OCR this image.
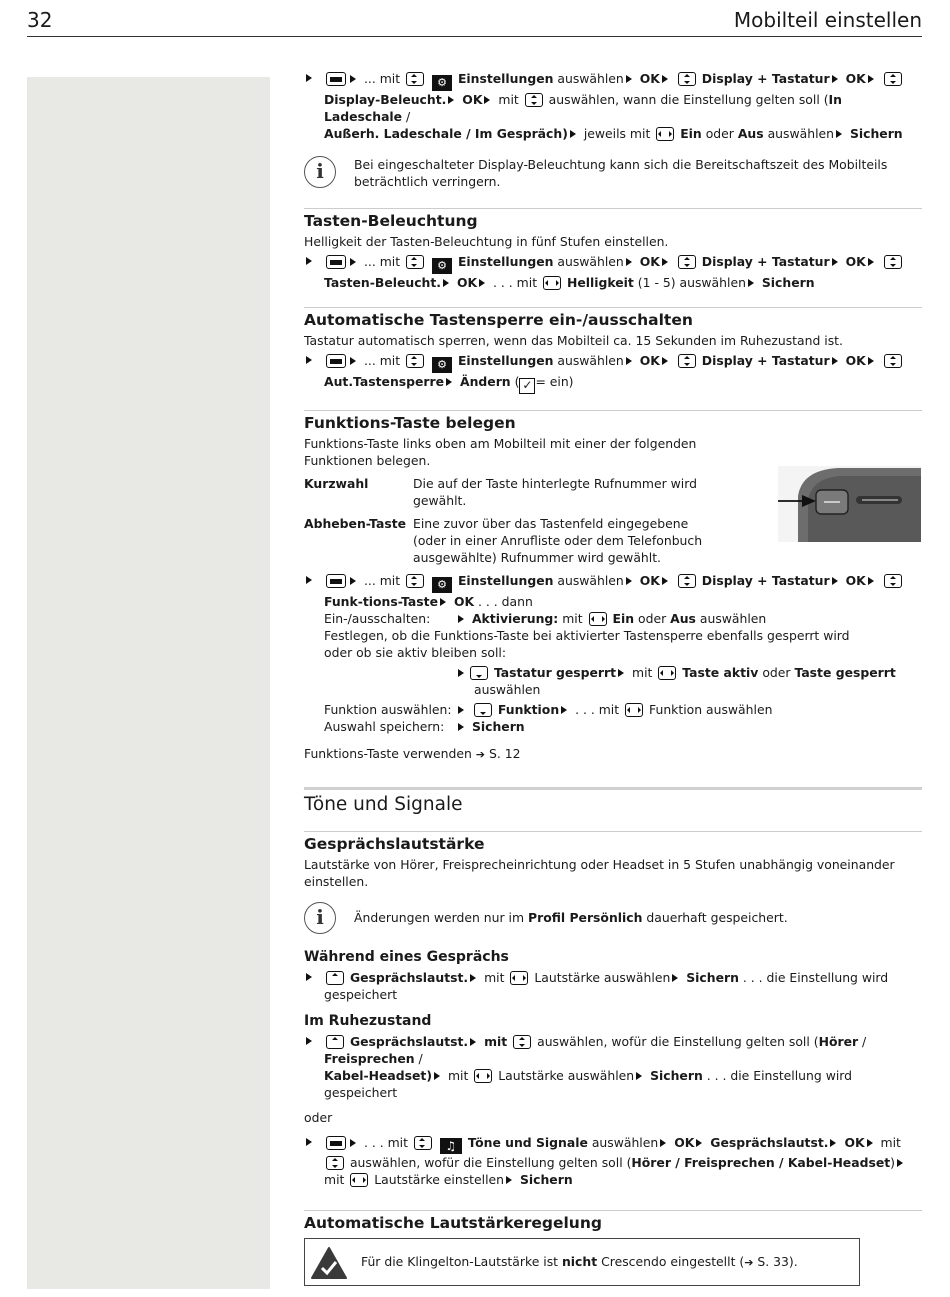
32	Mobilteil einstellen
... mit	⚙ Einstellungen auswählen OK	Display + Tastatur OK
Display-Beleucht. OK mit auswählen, wann die Einstellung gelten soll (In Ladeschale /
Außerh. Ladeschale / Im Gespräch) jeweils mit Ein oder Aus auswählen Sichern
i	Bei eingeschalteter Display-Beleuchtung kann sich die Bereitschaftszeit des Mobilteils beträchtlich verringern.
Tasten-Beleuchtung
Helligkeit der Tasten-Beleuchtung in fünf Stufen einstellen.
... mit	⚙ Einstellungen auswählen OK	Display + Tastatur OK
Tasten-Beleucht. OK . . . mit Helligkeit (1 - 5) auswählen Sichern
Automatische Tastensperre ein-/ausschalten
Tastatur automatisch sperren, wenn das Mobilteil ca. 15 Sekunden im Ruhezustand ist.
... mit	⚙ Einstellungen auswählen OK	Display + Tastatur OK
Aut.Tastensperre Ändern ( ✓ = ein)
Funktions-Taste belegen
Funktions-Taste links oben am Mobilteil mit einer der folgenden Funktionen belegen.
Kurzwahl	Die auf der Taste hinterlegte Rufnummer wird gewählt.
Abheben-Taste Eine zuvor über das Tastenfeld eingegebene (oder in einer Anrufliste oder dem Telefonbuch ausgewählte) Rufnummer wird gewählt.
... mit	⚙ Einstellungen auswählen OK	Display + Tastatur OK  Funk-tions-Taste OK . . . dann
Ein-/ausschalten:	Aktivierung: mit Ein oder Aus auswählen
Festlegen, ob die Funktions-Taste bei aktivierter Tastensperre ebenfalls gesperrt wird oder ob sie aktiv bleiben soll:
Tastatur gesperrt mit Taste aktiv oder Taste gesperrt
auswählen
Funktion auswählen:	Funktion . . . mit Funktion auswählen
Auswahl speichern: Sichern
Funktions-Taste verwenden ➔ S. 12
Töne und Signale
Gesprächslautstärke
Lautstärke von Hörer, Freisprecheinrichtung oder Headset in 5 Stufen unabhängig voneinander einstellen.
i	Änderungen werden nur im Profil Persönlich dauerhaft gespeichert.
Während eines Gesprächs
Gesprächslautst. mit Lautstärke auswählen Sichern . . . die Einstellung wird gespeichert
Im Ruhezustand
Gesprächslautst. mit auswählen, wofür die Einstellung gelten soll (Hörer / Freisprechen /
Kabel-Headset) mit Lautstärke auswählen Sichern . . . die Einstellung wird gespeichert
oder
. . . mit	♫ Töne und Signale auswählen OK Gesprächslautst. OK mit
auswählen, wofür die Einstellung gelten soll (Hörer / Freisprechen / Kabel-Headset)
mit Lautstärke einstellen Sichern
Automatische Lautstärkeregelung
Für die Klingelton-Lautstärke ist nicht Crescendo eingestellt (➔ S. 33).
